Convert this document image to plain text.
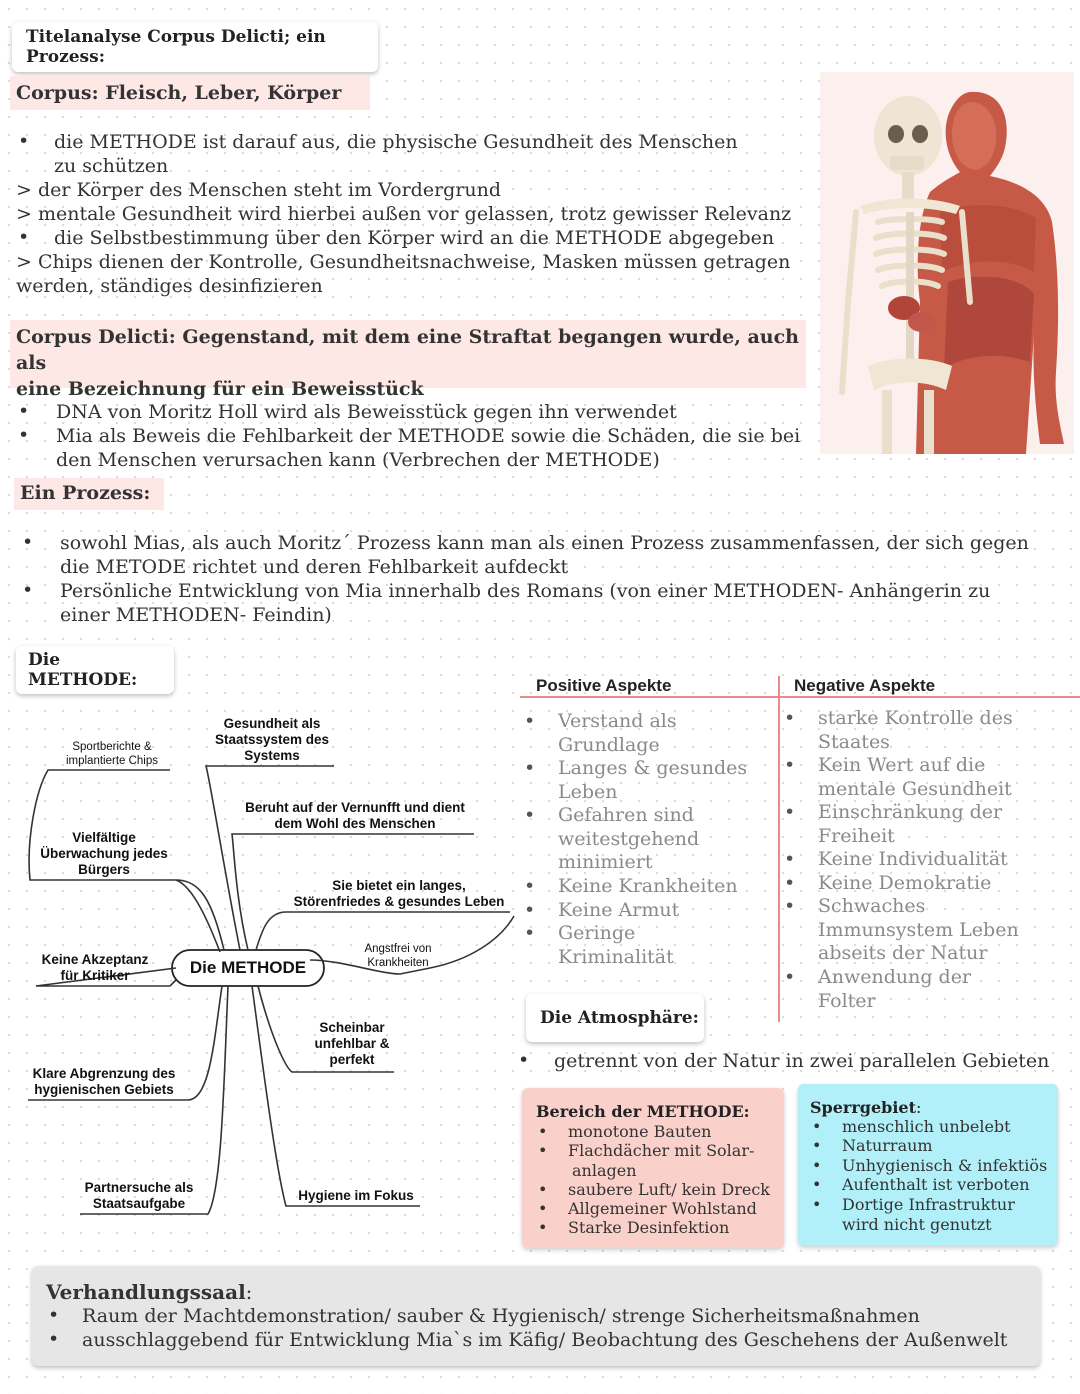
Titelanalyse Corpus Delicti; ein Prozess:
Corpus: Fleisch, Leber, Körper
• die METHODE ist darauf aus, die physische Gesundheit des Menschen
zu schützen
> der Körper des Menschen steht im Vordergrund
> mentale Gesundheit wird hierbei außen vor gelassen, trotz gewisser Relevanz
• die Selbstbestimmung über den Körper wird an die METHODE abgegeben
> Chips dienen der Kontrolle, Gesundheitsnachweise, Masken müssen getragen
werden, ständiges desinfizieren
Corpus Delicti: Gegenstand, mit dem eine Straftat begangen wurde, auch als
eine Bezeichnung für ein Beweisstück
• DNA von Moritz Holl wird als Beweisstück gegen ihn verwendet
• Mia als Beweis die Fehlbarkeit der METHODE sowie die Schäden, die sie bei
den Menschen verursachen kann (Verbrechen der METHODE)
Ein Prozess:
• sowohl Mias, als auch Moritz´ Prozess kann man als einen Prozess zusammenfassen, der sich gegen
die METODE richtet und deren Fehlbarkeit aufdeckt
• Persönliche Entwicklung von Mia innerhalb des Romans (von einer METHODEN- Anhängerin zu
einer METHODEN- Feindin)
Die METHODE:
Die METHODE
Sportberichte &
implantierte Chips
Vielfältige
Überwachung jedes
Bürgers
Keine Akzeptanz
für Kritiker
Klare Abgrenzung des
hygienischen Gebiets
Partnersuche als
Staatsaufgabe
Gesundheit als
Staatssystem des
Systems
Beruht auf der Vernunfft und dient
dem Wohl des Menschen
Sie bietet ein langes,
Störenfriedes & gesundes Leben
Angstfrei von
Krankheiten
Scheinbar
unfehlbar &
perfekt
Hygiene im Fokus
Positive Aspekte	Negative Aspekte
• Verstand als
Grundlage
• Langes & gesundes
Leben
• Gefahren sind
weitestgehend
minimiert
• Keine Krankheiten
• Keine Armut
• Geringe
Kriminalität
• starke Kontrolle des
Staates
• Kein Wert auf die
mentale Gesundheit
• Einschränkung der
Freiheit
• Keine Individualität
• Keine Demokratie
• Schwaches
Immunsystem Leben
abseits der Natur
• Anwendung der
Folter
Die Atmosphäre:
• getrennt von der Natur in zwei parallelen Gebieten
Bereich der METHODE:
• monotone Bauten
• Flachdächer mit Solar-
anlagen
• saubere Luft/ kein Dreck
• Allgemeiner Wohlstand
• Starke Desinfektion
Sperrgebiet:
• menschlich unbelebt
• Naturraum
• Unhygienisch & infektiös
• Aufenthalt ist verboten
• Dortige Infrastruktur
wird nicht genutzt
Verhandlungssaal:
• Raum der Machtdemonstration/ sauber & Hygienisch/ strenge Sicherheitsmaßnahmen
• ausschlaggebend für Entwicklung Mia`s im Käfig/ Beobachtung des Geschehens der Außenwelt
